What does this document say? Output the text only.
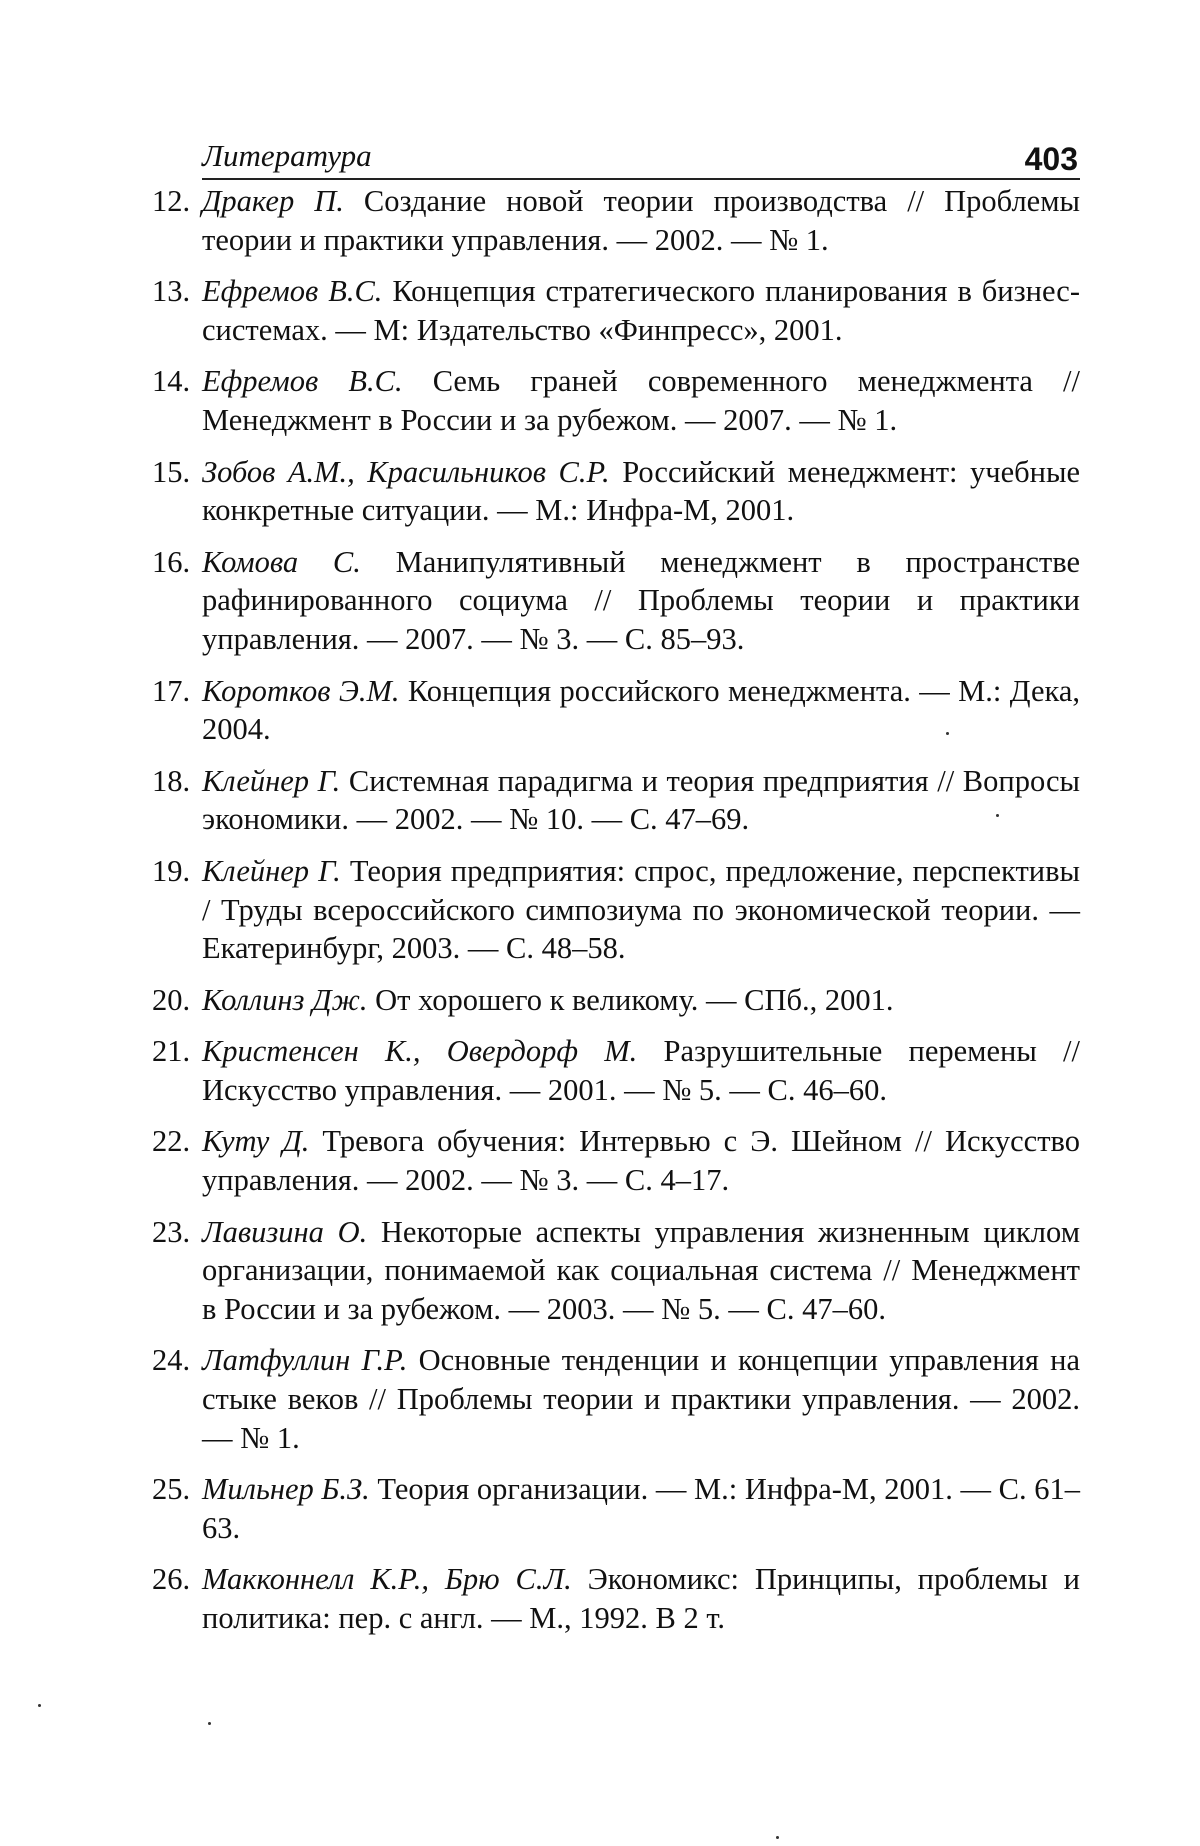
Литература	403
12. Дракер П. Создание новой теории производства // Проблемы теории и практики управления. — 2002. — № 1.
13. Ефремов В.С. Концепция стратегического планирования в бизнес-системах. — М: Издательство «Финпресс», 2001.
14. Ефремов В.С. Семь граней современного менеджмента // Менеджмент в России и за рубежом. — 2007. — № 1.
15. Зобов А.М., Красильников С.Р. Российский менеджмент: учебные конкретные ситуации. — М.: Инфра-М, 2001.
16. Комова С. Манипулятивный менеджмент в пространстве рафинированного социума // Проблемы теории и практики управления. — 2007. — № 3. — С. 85–93.
17. Коротков Э.М. Концепция российского менеджмента. — М.: Дека, 2004.
18. Клейнер Г. Системная парадигма и теория предприятия // Вопросы экономики. — 2002. — № 10. — С. 47–69.
19. Клейнер Г. Теория предприятия: спрос, предложение, перспективы / Труды всероссийского симпозиума по экономической теории. — Екатеринбург, 2003. — С. 48–58.
20. Коллинз Дж. От хорошего к великому. — СПб., 2001.
21. Кристенсен К., Овердорф М. Разрушительные перемены // Искусство управления. — 2001. — № 5. — С. 46–60.
22. Куту Д. Тревога обучения: Интервью с Э. Шейном // Искусство управления. — 2002. — № 3. — С. 4–17.
23. Лавизина О. Некоторые аспекты управления жизненным циклом организации, понимаемой как социальная система // Менеджмент в России и за рубежом. — 2003. — № 5. — С. 47–60.
24. Латфуллин Г.Р. Основные тенденции и концепции управления на стыке веков // Проблемы теории и практики управления. — 2002. — № 1.
25. Мильнер Б.З. Теория организации. — М.: Инфра-М, 2001. — С. 61–63.
26. Макконнелл К.Р., Брю С.Л. Экономикс: Принципы, проблемы и политика: пер. с англ. — М., 1992. В 2 т.
